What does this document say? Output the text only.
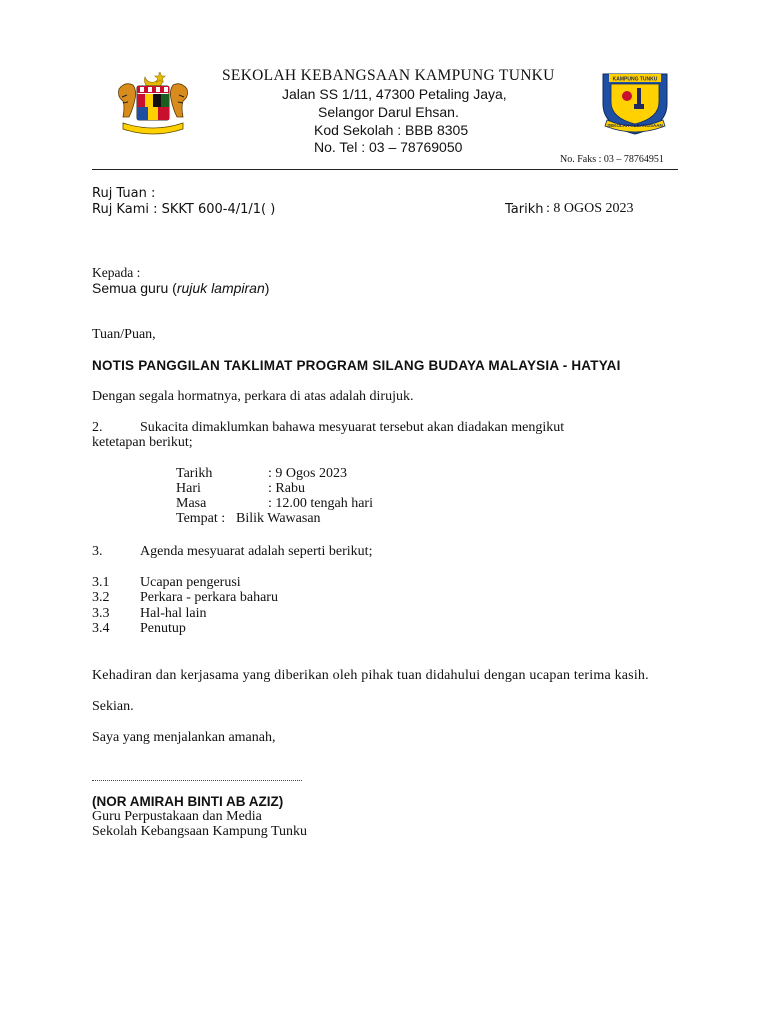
KAMPUNG TUNKU
SEKOLAH KEBANGSAAN
SEKOLAH KEBANGSAAN KAMPUNG TUNKU
Jalan SS 1/11, 47300 Petaling Jaya,
Selangor Darul Ehsan.
Kod Sekolah : BBB 8305
No. Tel : 03 – 78769050
No. Faks : 03 – 78764951
Ruj Tuan :
Ruj Kami : SKKT 600-4/1/1( )	Tarikh : 8 OGOS 2023
Kepada :
Semua guru (rujuk lampiran)
Tuan/Puan,
NOTIS PANGGILAN TAKLIMAT PROGRAM SILANG BUDAYA MALAYSIA - HATYAI
Dengan segala hormatnya, perkara di atas adalah dirujuk.
2.	Sukacita dimaklumkan bahawa mesyuarat tersebut akan diadakan mengikut
ketetapan berikut;
Tarikh	: 9 Ogos 2023
Hari	: Rabu
Masa	: 12.00 tengah hari
Tempat : Bilik Wawasan
3.	Agenda mesyuarat adalah seperti berikut;
3.1 Ucapan pengerusi
3.2 Perkara - perkara baharu
3.3 Hal-hal lain
3.4 Penutup
Kehadiran dan kerjasama yang diberikan oleh pihak tuan didahului dengan ucapan terima kasih.
Sekian.
Saya yang menjalankan amanah,
(NOR AMIRAH BINTI AB AZIZ)
Guru Perpustakaan dan Media
Sekolah Kebangsaan Kampung Tunku
